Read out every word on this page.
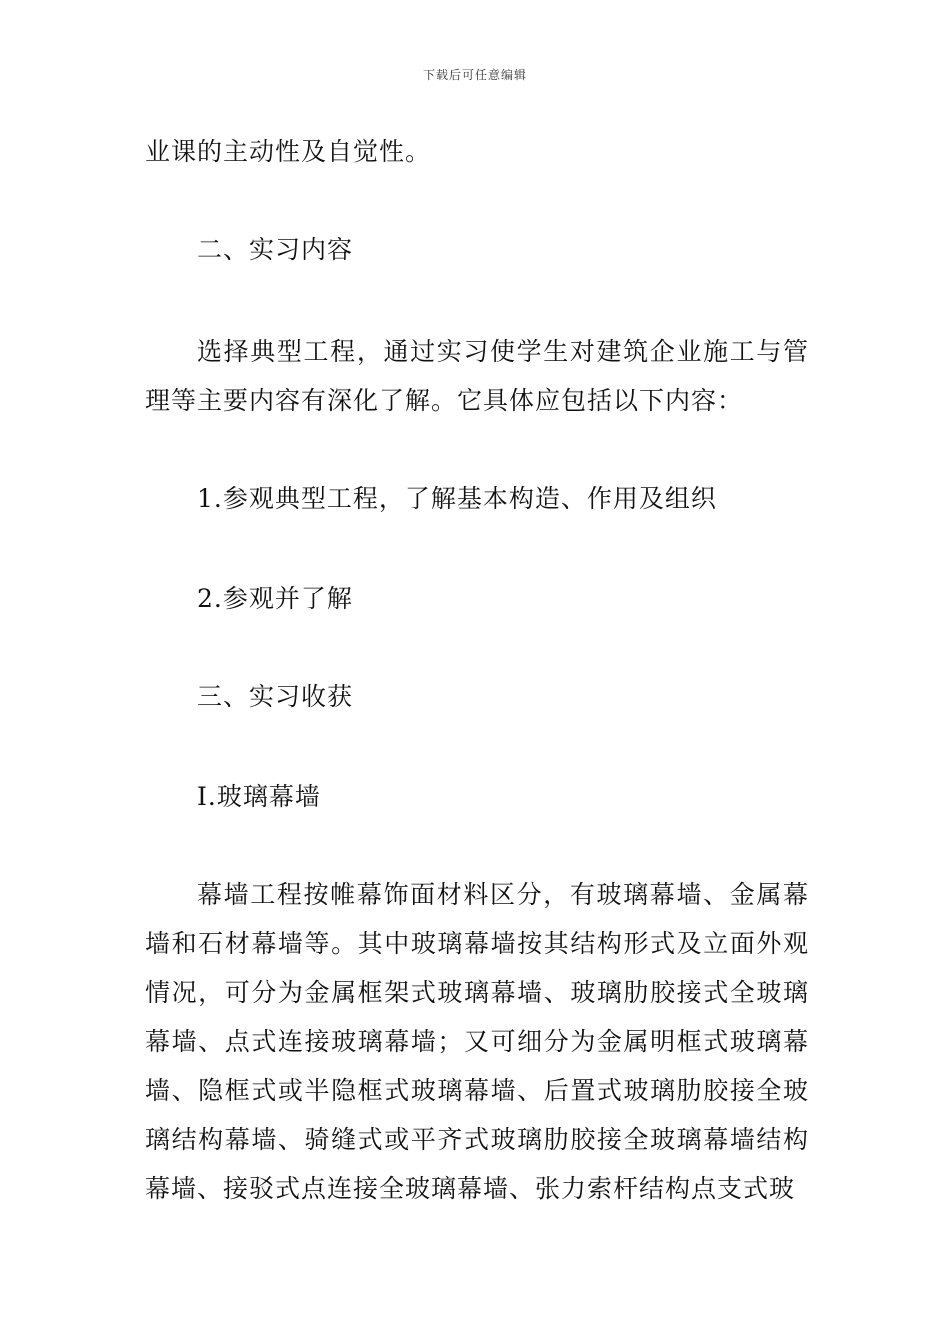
下载后可任意编辑

业课的主动性及自觉性。

二、实习内容

选择典型工程，通过实习使学生对建筑企业施工与管理等主要内容有深化了解。它具体应包括以下内容：

1.参观典型工程，了解基本构造、作用及组织

2.参观并了解

三、实习收获

I.玻璃幕墙

幕墙工程按帷幕饰面材料区分，有玻璃幕墙、金属幕墙和石材幕墙等。其中玻璃幕墙按其结构形式及立面外观情况，可分为金属框架式玻璃幕墙、玻璃肋胶接式全玻璃幕墙、点式连接玻璃幕墙；又可细分为金属明框式玻璃幕墙、隐框式或半隐框式玻璃幕墙、后置式玻璃肋胶接全玻璃结构幕墙、骑缝式或平齐式玻璃肋胶接全玻璃幕墙结构幕墙、接驳式点连接全玻璃幕墙、张力索杆结构点支式玻
